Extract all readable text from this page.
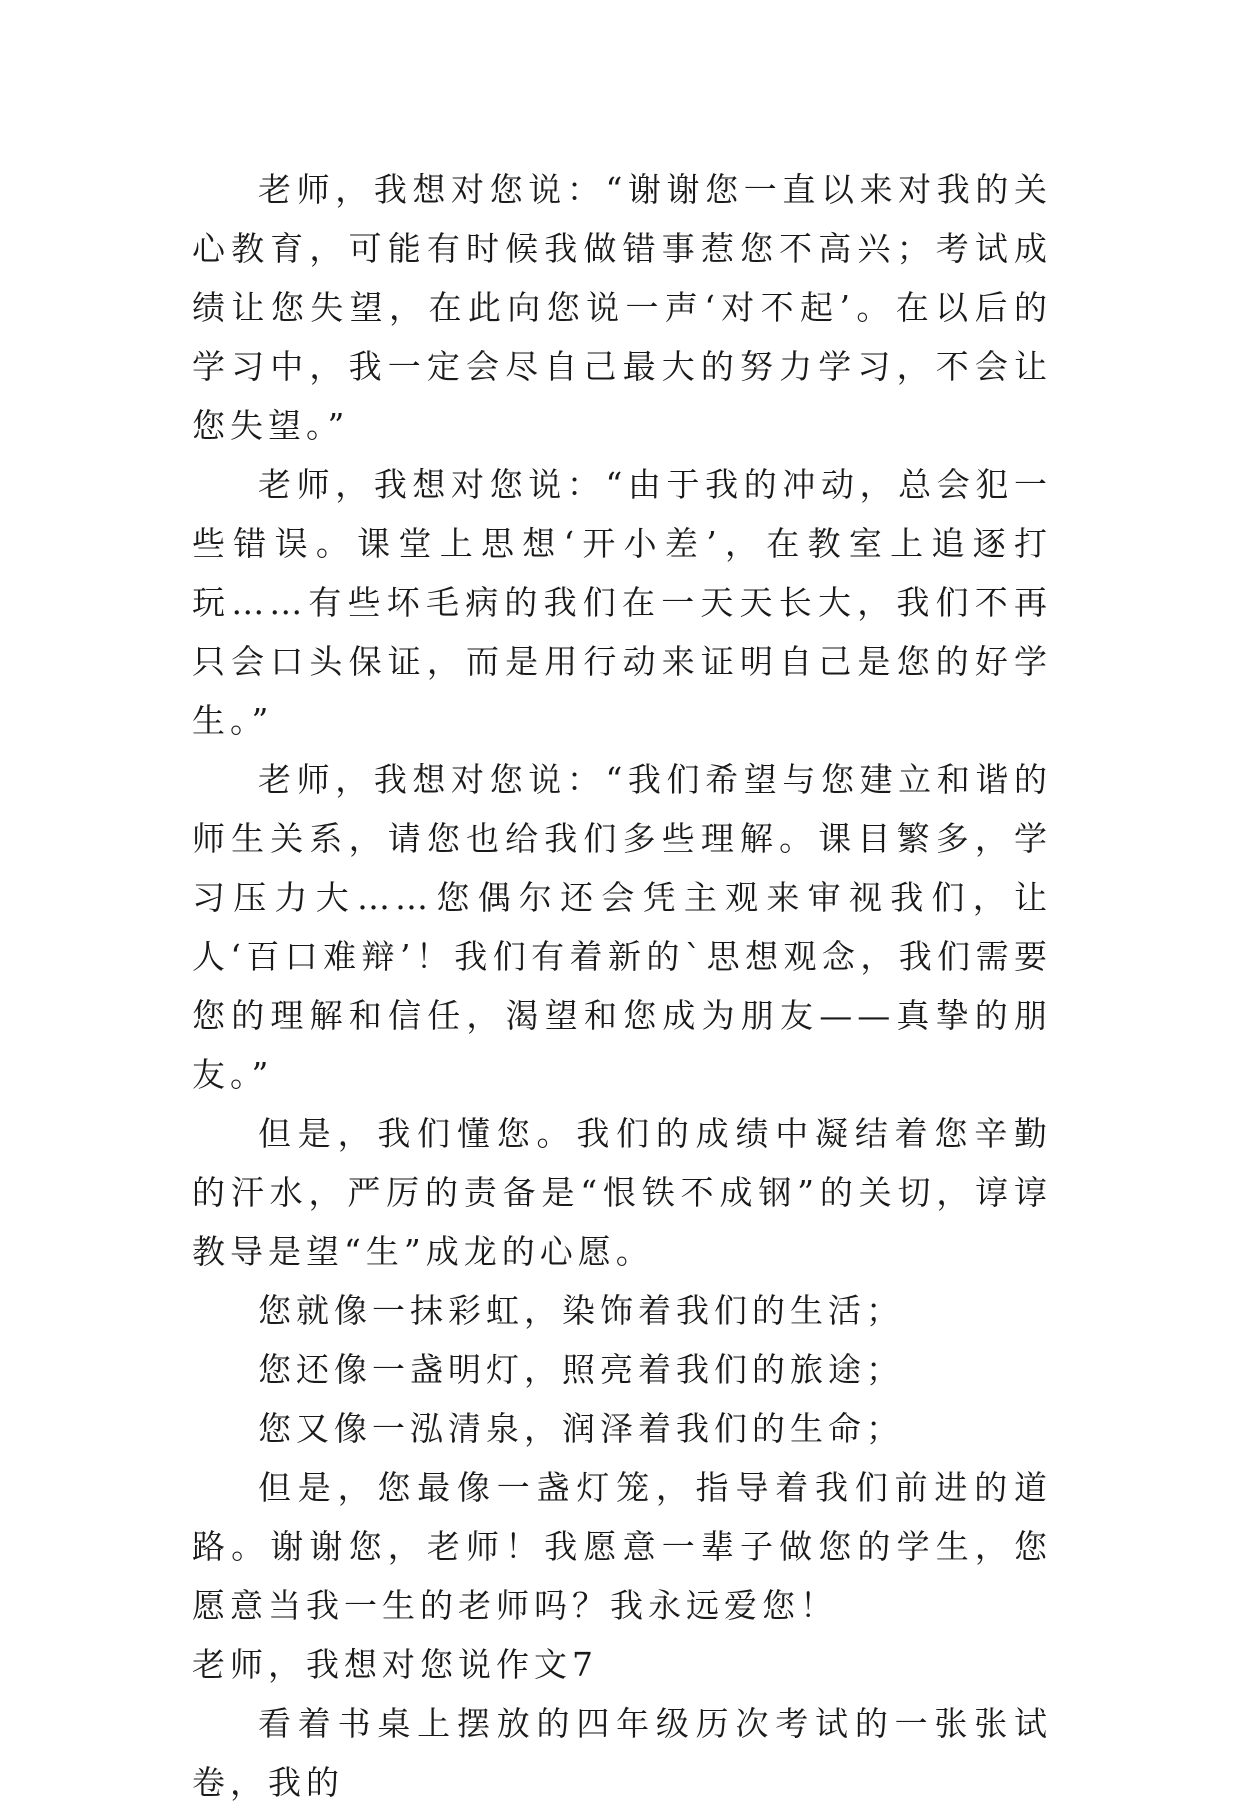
老师，我想对您说：“谢谢您一直以来对我的关心教育，可能有时候我做错事惹您不高兴；考试成绩让您失望，在此向您说一声‘对不起’。在以后的学习中，我一定会尽自己最大的努力学习，不会让您失望。”

老师，我想对您说：“由于我的冲动，总会犯一些错误。课堂上思想‘开小差’，在教室上追逐打玩……有些坏毛病的我们在一天天长大，我们不再只会口头保证，而是用行动来证明自己是您的好学生。”

老师，我想对您说：“我们希望与您建立和谐的师生关系，请您也给我们多些理解。课目繁多，学习压力大……您偶尔还会凭主观来审视我们，让人‘百口难辩’！我们有着新的`思想观念，我们需要您的理解和信任，渴望和您成为朋友——真挚的朋友。”

但是，我们懂您。我们的成绩中凝结着您辛勤的汗水，严厉的责备是“恨铁不成钢”的关切，谆谆教导是望“生”成龙的心愿。

您就像一抹彩虹，染饰着我们的生活；

您还像一盏明灯，照亮着我们的旅途；

您又像一泓清泉，润泽着我们的生命；

但是，您最像一盏灯笼，指导着我们前进的道路。谢谢您，老师！我愿意一辈子做您的学生，您愿意当我一生的老师吗？我永远爱您！

老师，我想对您说作文7

看着书桌上摆放的四年级历次考试的一张张试卷，我的
